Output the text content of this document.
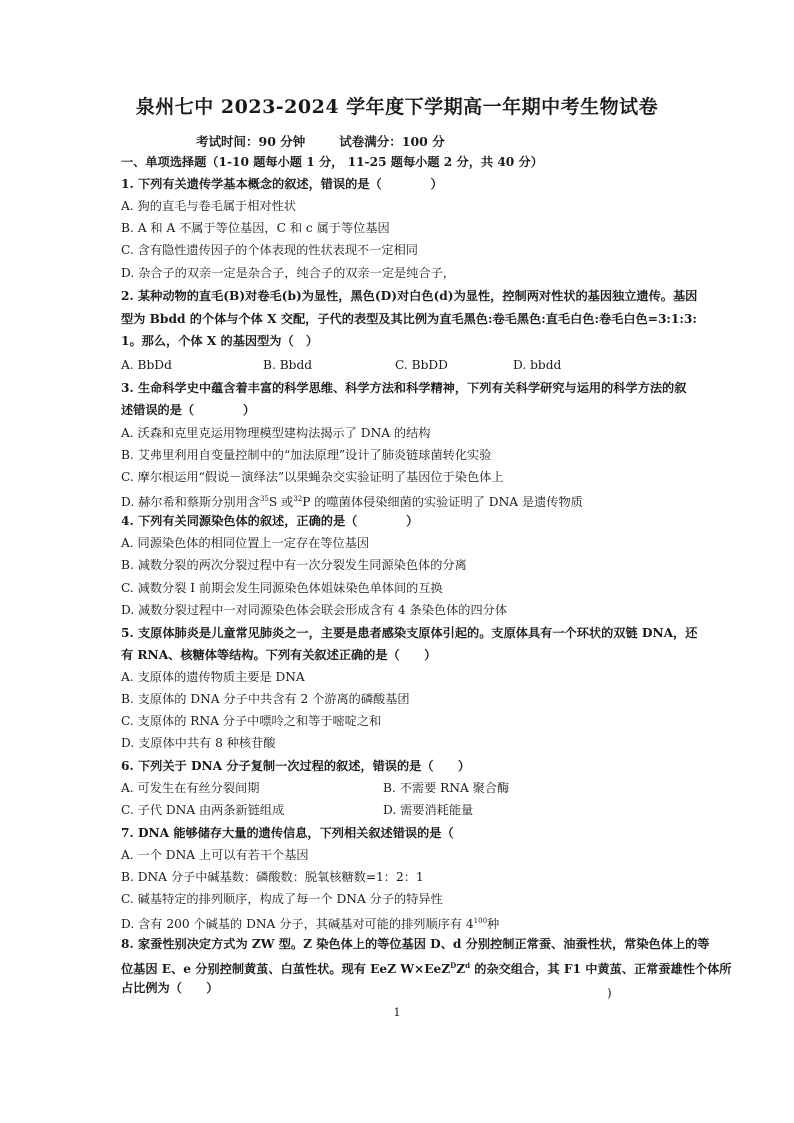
泉州七中 2023-2024 学年度下学期高一年期中考生物试卷
考试时间：90 分钟	试卷满分：100 分
一、单项选择题（1-10 题每小题 1 分， 11-25 题每小题 2 分，共 40 分）
1. 下列有关遗传学基本概念的叙述，错误的是（　　　　）
A. 狗的直毛与卷毛属于相对性状
B. A 和 A 不属于等位基因，C 和 c 属于等位基因
C. 含有隐性遗传因子的个体表现的性状表现不一定相同
D. 杂合子的双亲一定是杂合子，纯合子的双亲一定是纯合子，
2. 某种动物的直毛(B)对卷毛(b)为显性，黑色(D)对白色(d)为显性，控制两对性状的基因独立遗传。基因
型为 Bbdd 的个体与个体 X 交配，子代的表型及其比例为直毛黑色:卷毛黑色:直毛白色:卷毛白色=3:1:3:
1。那么，个体 X 的基因型为（　）
A. BbDd	B. Bbdd	C. BbDD	D. bbdd
3. 生命科学史中蕴含着丰富的科学思维、科学方法和科学精神，下列有关科学研究与运用的科学方法的叙
述错误的是（　　　　）
A. 沃森和克里克运用物理模型建构法揭示了 DNA 的结构
B. 艾弗里利用自变量控制中的“加法原理”设计了肺炎链球菌转化实验
C. 摩尔根运用“假说－演绎法”以果蝇杂交实验证明了基因位于染色体上
D. 赫尔希和蔡斯分别用含$^{35}$S 或$^{32}$P 的噬菌体侵染细菌的实验证明了 DNA 是遗传物质
4. 下列有关同源染色体的叙述，正确的是（　　　　）
A. 同源染色体的相同位置上一定存在等位基因
B. 减数分裂的两次分裂过程中有一次分裂发生同源染色体的分离
C. 减数分裂 Ⅰ 前期会发生同源染色体姐妹染色单体间的互换
D. 减数分裂过程中一对同源染色体会联会形成含有 4 条染色体的四分体
5. 支原体肺炎是儿童常见肺炎之一，主要是患者感染支原体引起的。支原体具有一个环状的双链 DNA，还
有 RNA、核糖体等结构。下列有关叙述正确的是（　　）
A. 支原体的遗传物质主要是 DNA
B. 支原体的 DNA 分子中共含有 2 个游离的磷酸基团
C. 支原体的 RNA 分子中嘌呤之和等于嘧啶之和
D. 支原体中共有 8 种核苷酸
6. 下列关于 DNA 分子复制一次过程的叙述，错误的是（　　）
A. 可发生在有丝分裂间期	B. 不需要 RNA 聚合酶
C. 子代 DNA 由两条新链组成	D. 需要消耗能量
7. DNA 能够储存大量的遗传信息，下列相关叙述错误的是（
A. 一个 DNA 上可以有若干个基因
B. DNA 分子中碱基数：磷酸数：脱氧核糖数=1：2：1
C. 碱基特定的排列顺序，构成了每一个 DNA 分子的特异性
D. 含有 200 个碱基的 DNA 分子，其碱基对可能的排列顺序有 $4^{100}$种
8. 家蚕性别决定方式为 ZW 型。Z 染色体上的等位基因 D、d 分别控制正常蚕、油蚕性状，常染色体上的等
位基因 E、e 分别控制黄茧、白茧性状。现有 EeZ $W\times EeZ^DZ^d$ 的杂交组合，其 F1 中黄茧、正常蚕雄性个体所
占比例为（　　）	)
1
